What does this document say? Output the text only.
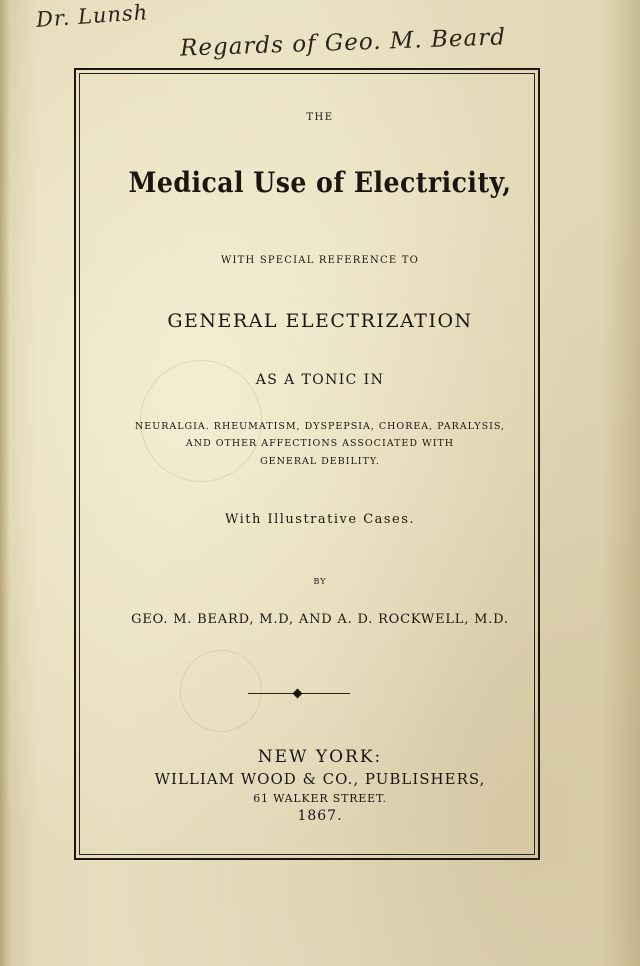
Dr. Lunsh
Regards of Geo. M. Beard
THE
Medical Use of Electricity,
WITH SPECIAL REFERENCE TO
GENERAL ELECTRIZATION
AS A TONIC IN
NEURALGIA. RHEUMATISM, DYSPEPSIA, CHOREA, PARALYSIS,
AND OTHER AFFECTIONS ASSOCIATED WITH
GENERAL DEBILITY.
With Illustrative Cases.
BY
GEO. M. BEARD, M.D, AND A. D. ROCKWELL, M.D.
NEW YORK:
WILLIAM WOOD & CO., PUBLISHERS,
61 WALKER STREET.
1867.
